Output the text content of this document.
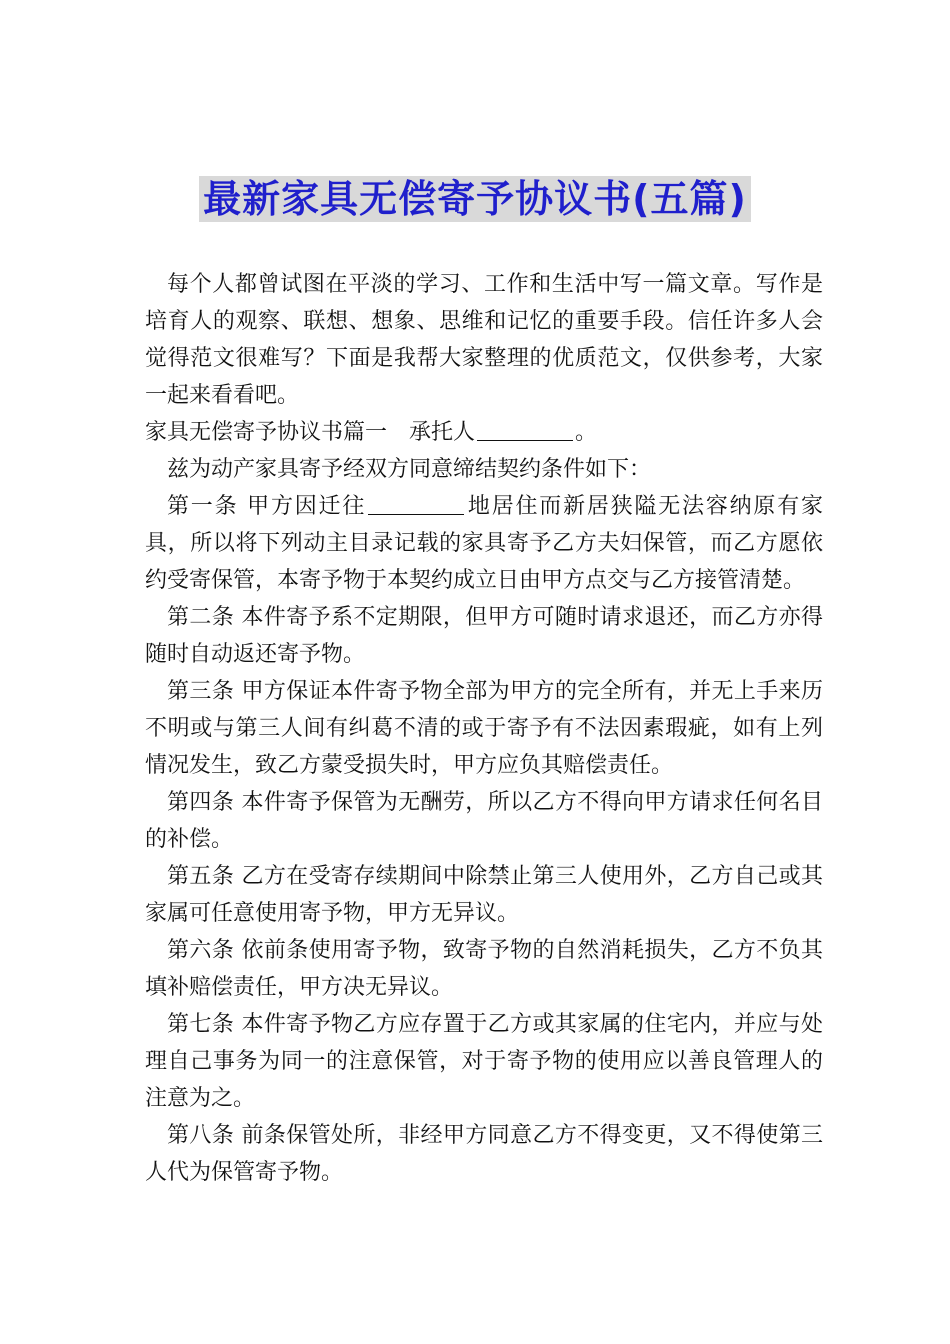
最新家具无偿寄予协议书(五篇)

每个人都曾试图在平淡的学习、工作和生活中写一篇文章。写作是培育人的观察、联想、想象、思维和记忆的重要手段。信任许多人会觉得范文很难写？下面是我帮大家整理的优质范文，仅供参考，大家一起来看看吧。

家具无偿寄予协议书篇一　承托人	。

兹为动产家具寄予经双方同意缔结契约条件如下：

第一条 甲方因迁往	地居住而新居狭隘无法容纳原有家具，所以将下列动主目录记载的家具寄予乙方夫妇保管，而乙方愿依约受寄保管，本寄予物于本契约成立日由甲方点交与乙方接管清楚。

第二条 本件寄予系不定期限，但甲方可随时请求退还，而乙方亦得随时自动返还寄予物。

第三条 甲方保证本件寄予物全部为甲方的完全所有，并无上手来历不明或与第三人间有纠葛不清的或于寄予有不法因素瑕疵，如有上列情况发生，致乙方蒙受损失时，甲方应负其赔偿责任。

第四条 本件寄予保管为无酬劳，所以乙方不得向甲方请求任何名目的补偿。

第五条 乙方在受寄存续期间中除禁止第三人使用外，乙方自己或其家属可任意使用寄予物，甲方无异议。

第六条 依前条使用寄予物，致寄予物的自然消耗损失，乙方不负其填补赔偿责任，甲方决无异议。

第七条 本件寄予物乙方应存置于乙方或其家属的住宅内，并应与处理自己事务为同一的注意保管，对于寄予物的使用应以善良管理人的注意为之。

第八条 前条保管处所，非经甲方同意乙方不得变更，又不得使第三人代为保管寄予物。
